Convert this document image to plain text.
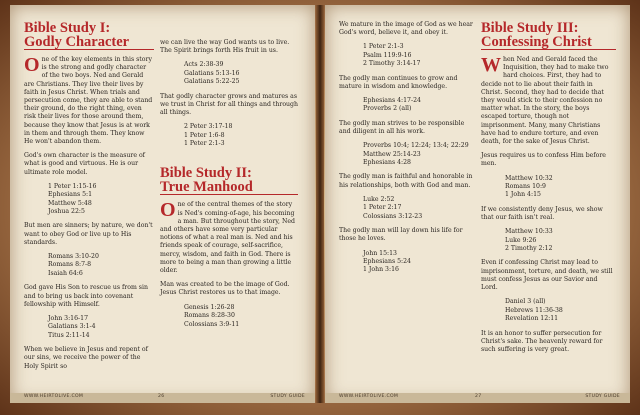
Bible Study I:
Godly Character

One of the key elements in this story is the strong and godly character of the two boys. Ned and Gerald are Christians. They live their lives by faith in Jesus Christ. When trials and persecution come, they are able to stand their ground, do the right thing, even risk their lives for those around them, because they know that Jesus is at work in them and through them. They know He won't abandon them.

God's own character is the measure of what is good and virtuous. He is our ultimate role model.

1 Peter 1:15-16
Ephesians 5:1
Matthew 5:48
Joshua 22:5

But men are sinners; by nature, we don't want to obey God or live up to His standards.

Romans 3:10-20
Romans 8:7-8
Isaiah 64:6

God gave His Son to rescue us from sin and to bring us back into covenant fellowship with Himself.

John 3:16-17
Galatians 3:1-4
Titus 2:11-14

When we believe in Jesus and repent of our sins, we receive the power of the Holy Spirit so

we can live the way God wants us to live. The Spirit brings forth His fruit in us.

Acts 2:38-39
Galatians 5:13-16
Galatians 5:22-25

That godly character grows and matures as we trust in Christ for all things and through all things.

2 Peter 3:17-18
1 Peter 1:6-8
1 Peter 2:1-3
Bible Study II:
True Manhood

One of the central themes of the story is Ned's coming-of-age, his becoming a man. But throughout the story, Ned and others have some very particular notions of what a real man is. Ned and his friends speak of courage, self-sacrifice, mercy, wisdom, and faith in God. There is more to being a man than growing a little older.

Man was created to be the image of God. Jesus Christ restores us to that image.

Genesis 1:26-28
Romans 8:28-30
Colossians 3:9-11
WWW.HEIRTOLIVE.COM	26	STUDY GUIDE

We mature in the image of God as we hear God's word, believe it, and obey it.

1 Peter 2:1-3
Psalm 119:9-16
2 Timothy 3:14-17

The godly man continues to grow and mature in wisdom and knowledge.

Ephesians 4:17-24
Proverbs 2 (all)

The godly man strives to be responsible and diligent in all his work.

Proverbs 10:4; 12:24; 13:4; 22:29
Matthew 25:14-23
Ephesians 4:28

The godly man is faithful and honorable in his relationships, both with God and man.

Luke 2:52
1 Peter 2:17
Colossians 3:12-23

The godly man will lay down his life for those he loves.

John 15:13
Ephesians 5:24
1 John 3:16
Bible Study III:
Confessing Christ

When Ned and Gerald faced the Inquisition, they had to make two hard choices. First, they had to decide not to lie about their faith in Christ. Second, they had to decide that they would stick to their confession no matter what. In the story, the boys escaped torture, though not imprisonment. Many, many Christians have had to endure torture, and even death, for the sake of Jesus Christ.

Jesus requires us to confess Him before men.

Matthew 10:32
Romans 10:9
1 John 4:15

If we consistently deny Jesus, we show that our faith isn't real.

Matthew 10:33
Luke 9:26
2 Timothy 2:12

Even if confessing Christ may lead to imprisonment, torture, and death, we still must confess Jesus as our Savior and Lord.

Daniel 3 (all)
Hebrews 11:36-38
Revelation 12:11

It is an honor to suffer persecution for Christ's sake. The heavenly reward for such suffering is very great.

WWW.HEIRTOLIVE.COM	27	STUDY GUIDE
